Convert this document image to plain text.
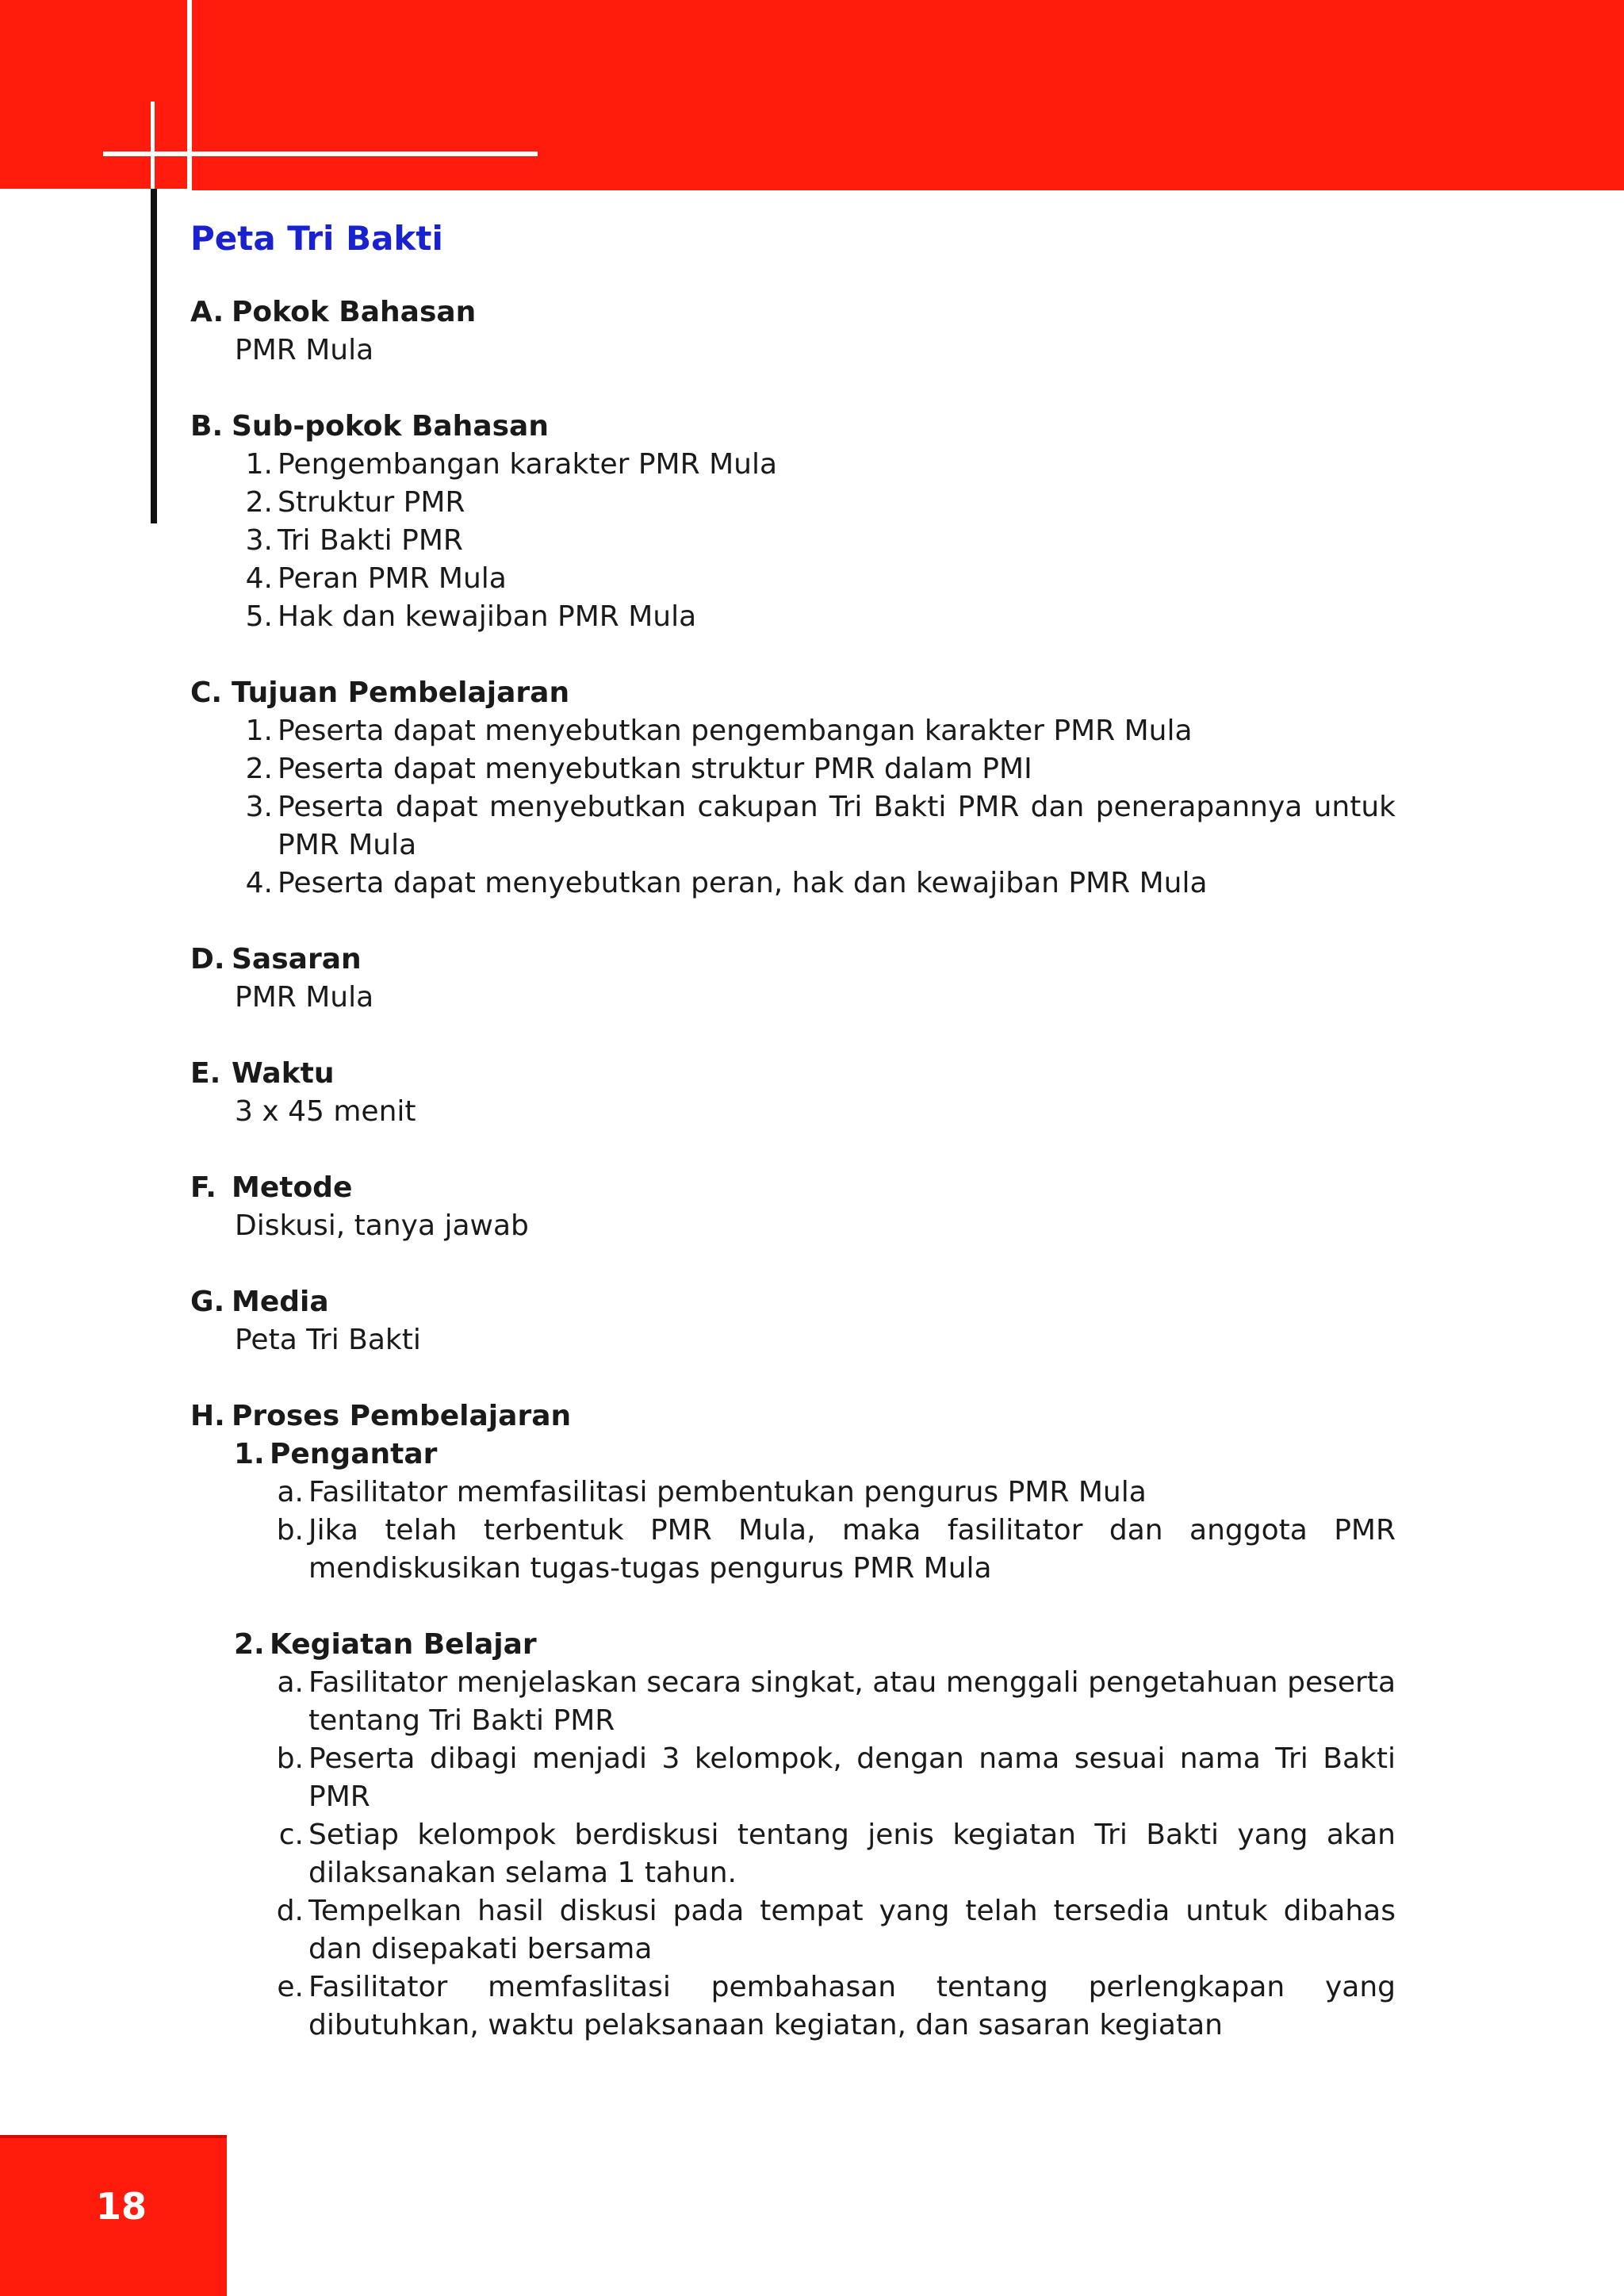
Peta Tri Bakti
A. Pokok Bahasan
PMR Mula
B. Sub-pokok Bahasan
1. Pengembangan karakter PMR Mula
2. Struktur PMR
3. Tri Bakti PMR
4. Peran PMR Mula
5. Hak dan kewajiban PMR Mula
C. Tujuan Pembelajaran
1. Peserta dapat menyebutkan pengembangan karakter PMR Mula
2. Peserta dapat menyebutkan struktur PMR dalam PMI
3. Peserta dapat menyebutkan cakupan Tri Bakti PMR dan penerapannya untuk PMR Mula
4. Peserta dapat menyebutkan peran, hak dan kewajiban PMR Mula
D. Sasaran
PMR Mula
E. Waktu
3 x 45 menit
F. Metode
Diskusi, tanya jawab
G. Media
Peta Tri Bakti
H. Proses Pembelajaran
1. Pengantar
a. Fasilitator memfasilitasi pembentukan pengurus PMR Mula
b. Jika telah terbentuk PMR Mula, maka fasilitator dan anggota PMR mendiskusikan tugas-tugas pengurus PMR Mula
2. Kegiatan Belajar
a. Fasilitator menjelaskan secara singkat, atau menggali pengetahuan peserta tentang Tri Bakti PMR
b. Peserta dibagi menjadi 3 kelompok, dengan nama sesuai nama Tri Bakti PMR
c. Setiap kelompok berdiskusi tentang jenis kegiatan Tri Bakti yang akan dilaksanakan selama 1 tahun.
d. Tempelkan hasil diskusi pada tempat yang telah tersedia untuk dibahas dan disepakati bersama
e. Fasilitator memfaslitasi pembahasan tentang perlengkapan yang dibutuhkan, waktu pelaksanaan kegiatan, dan sasaran kegiatan
18
